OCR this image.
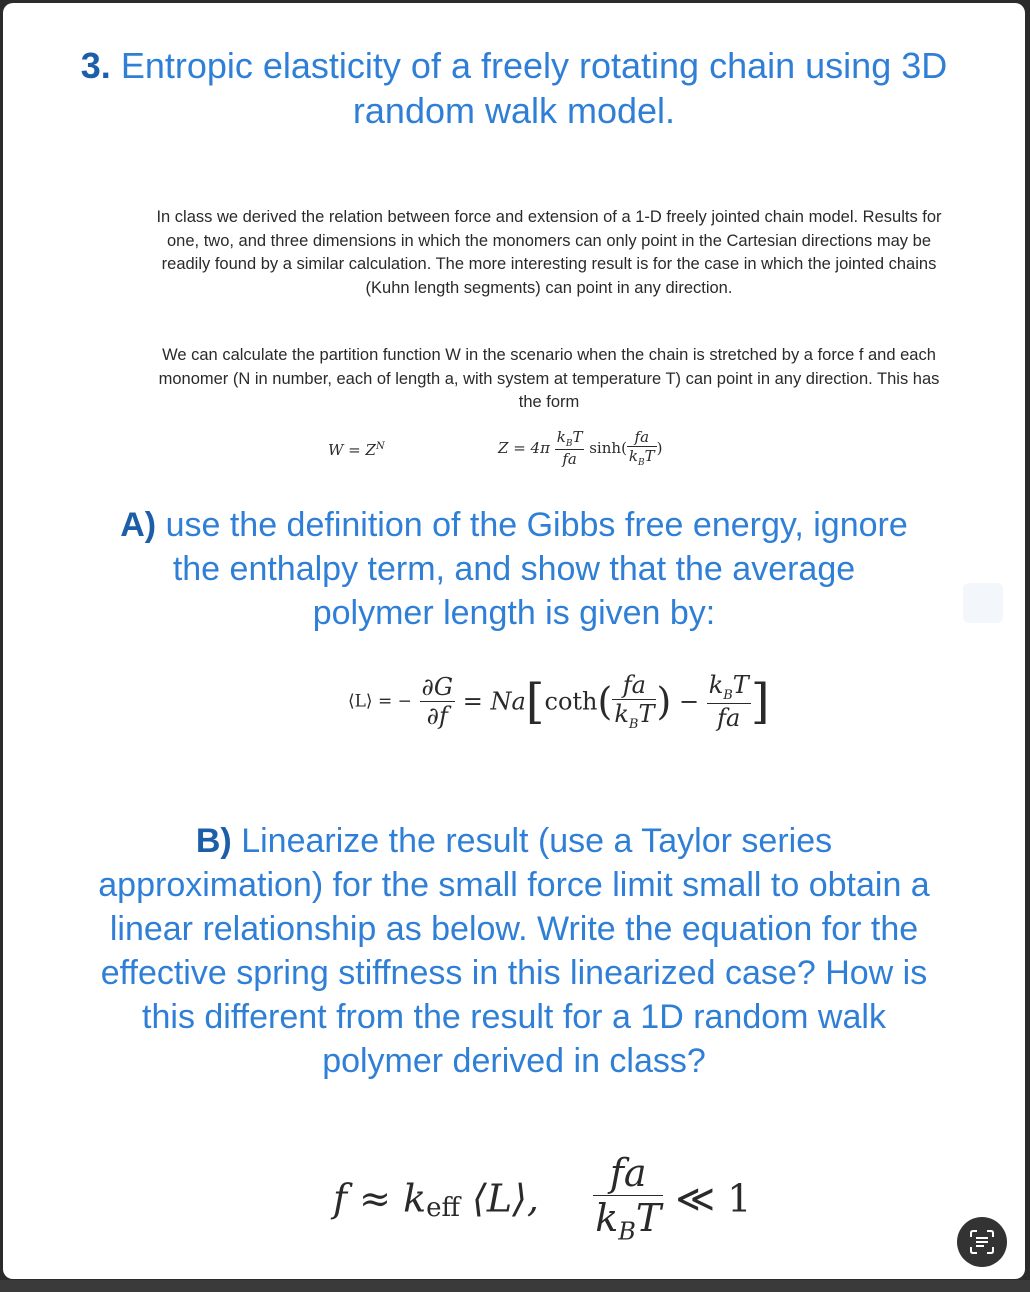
3. Entropic elasticity of a freely rotating chain using 3D
random walk model.
In class we derived the relation between force and extension of a 1-D freely jointed chain model. Results for one, two, and three dimensions in which the monomers can only point in the Cartesian directions may be readily found by a similar calculation. The more interesting result is for the case in which the jointed chains (Kuhn length segments) can point in any direction.
We can calculate the partition function W in the scenario when the chain is stretched by a force f and each monomer (N in number, each of length a, with system at temperature T) can point in any direction. This has the form
$W = Z^N$	$Z = 4\pi \frac{k_BT}{fa} \sinh( \frac{fa}{k_BT}$ )
A) use the definition of the Gibbs free energy, ignore
the enthalpy term, and show that the average
polymer length is given by:
⟨L⟩ = − $\frac{\partial G}{\partial f} = Na[\cot h( \frac{fa}{k_BT}$ ) − $\frac{k_BT}{fa}$ ]
B) Linearize the result (use a Taylor series
approximation) for the small force limit small to obtain a
linear relationship as below. Write the equation for the
effective spring stiffness in this linearized case? How is
this different from the result for a 1D random walk
polymer derived in class?
$f \approx k_{eff}$ ⟨L⟩, $\frac{fa}{k_BT}$ ≪ 1
